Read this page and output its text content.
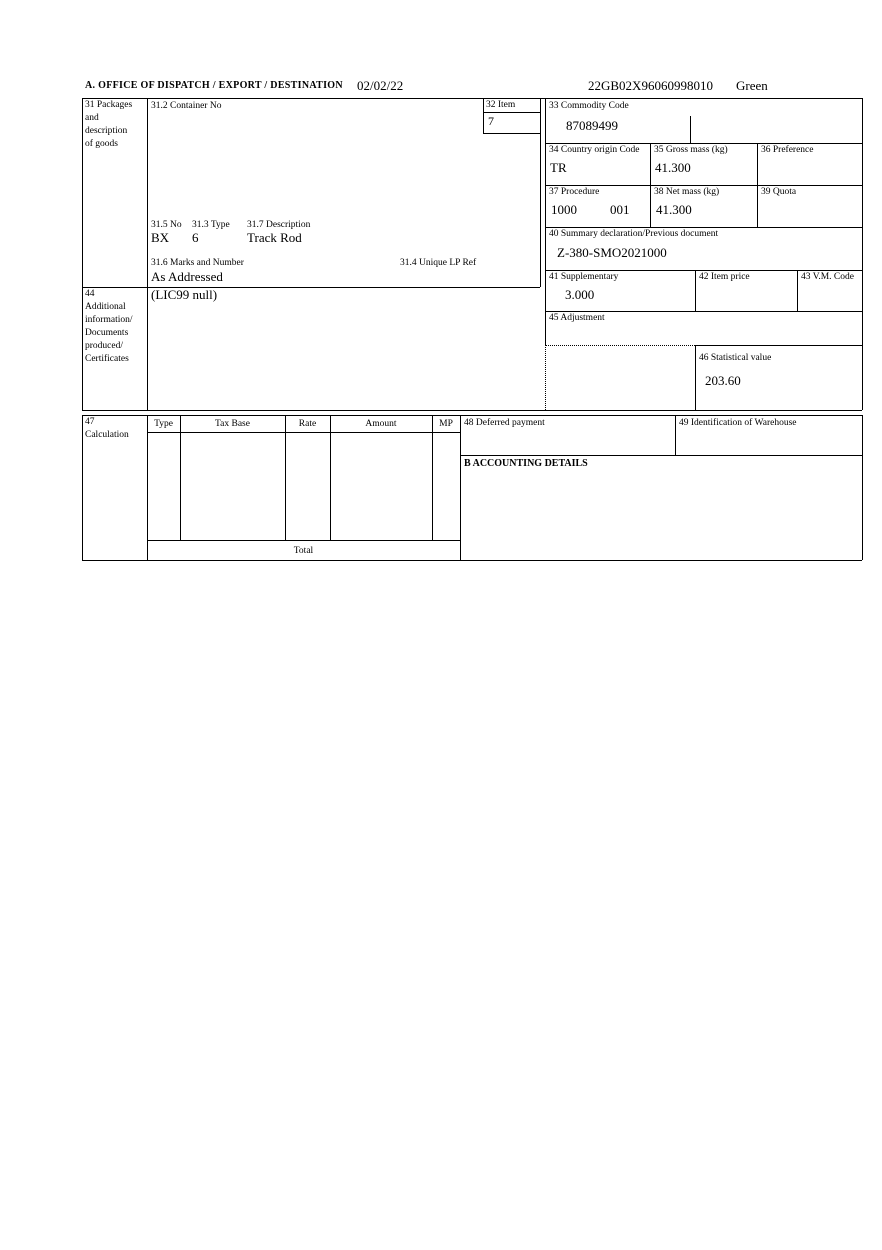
A. OFFICE OF DISPATCH / EXPORT / DESTINATION 02/02/22	22GB02X96060998010 Green
31 Packages
and
description
of goods
31.2 Container No	32 Item
7
31.5 No 31.3 Type 31.7 Description
BX 6	Track Rod
31.6 Marks and Number	31.4 Unique LP Ref
As Addressed
33 Commodity Code
87089499
34 Country origin Code
TR
35 Gross mass (kg)
41.300
36 Preference
37 Procedure
1000	001
38 Net mass (kg)
41.300
39 Quota
40 Summary declaration/Previous document
Z-380-SMO2021000
41 Supplementary
3.000
42 Item price	43 V.M. Code
45 Adjustment
46 Statistical value
203.60
44
Additional
information/
Documents
produced/
Certificates
(LIC99 null)
47
Calculation
Type	Tax Base	Rate	Amount	MP
Total
48 Deferred payment	49 Identification of Warehouse
B ACCOUNTING DETAILS
